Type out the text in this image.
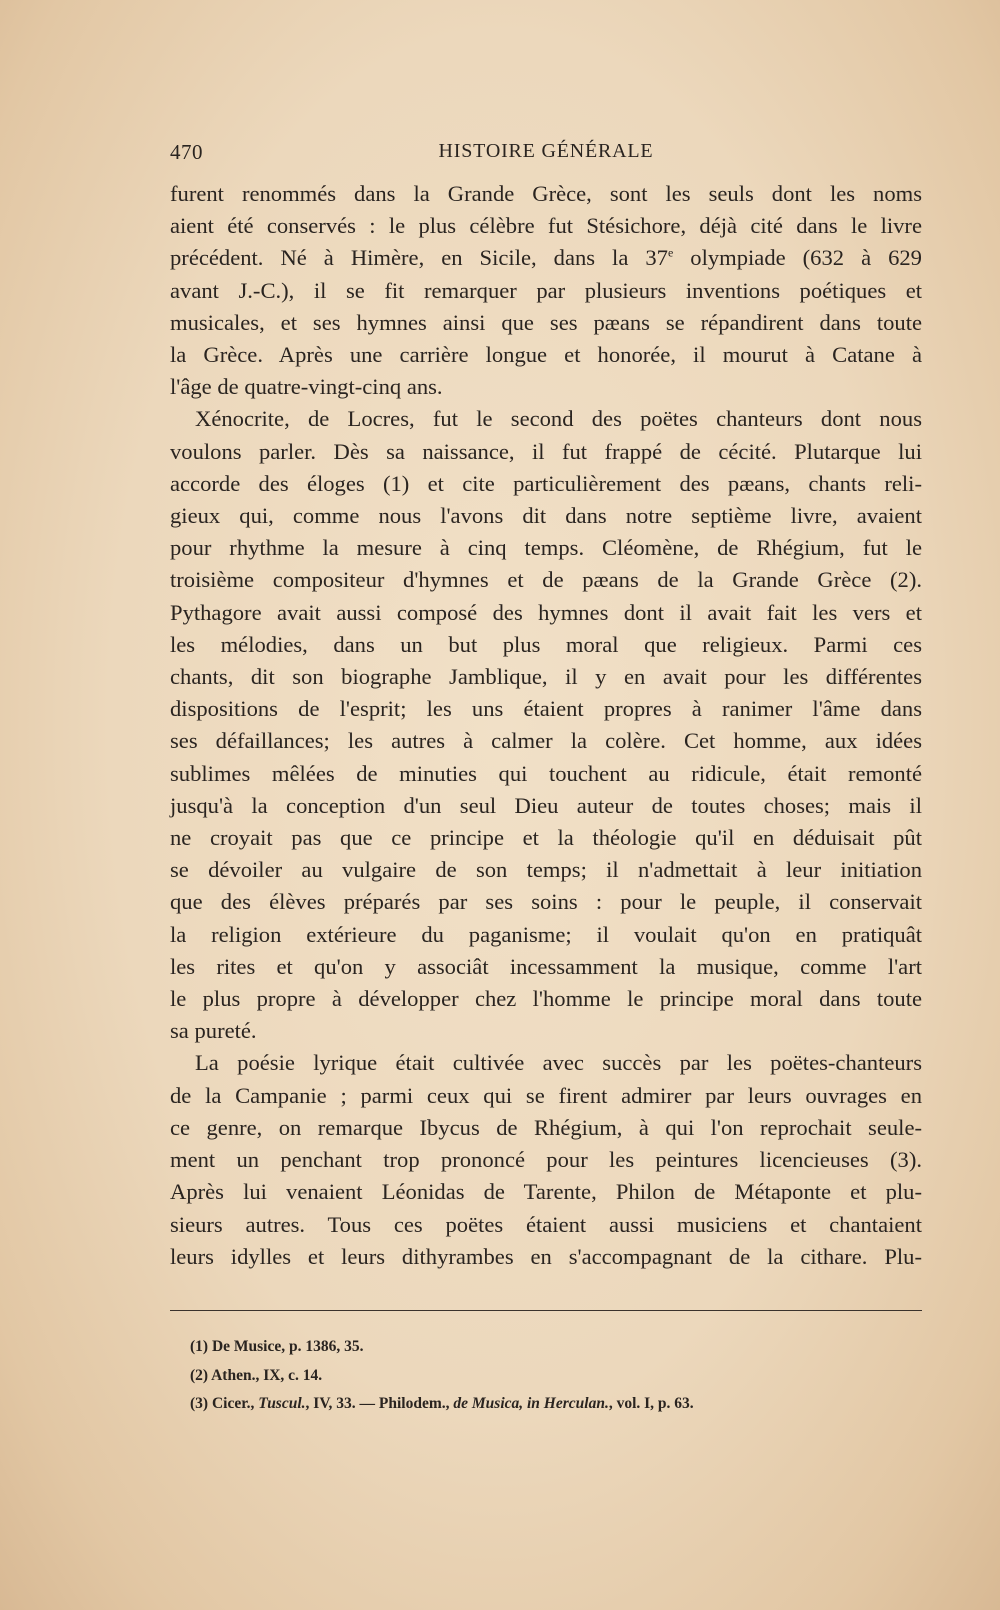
470	HISTOIRE GÉNÉRALE
furent renommés dans la Grande Grèce, sont les seuls dont les noms
aient été conservés : le plus célèbre fut Stésichore, déjà cité dans le livre
précédent. Né à Himère, en Sicile, dans la 37e olympiade (632 à 629
avant J.-C.), il se fit remarquer par plusieurs inventions poétiques et
musicales, et ses hymnes ainsi que ses pæans se répandirent dans toute
la Grèce. Après une carrière longue et honorée, il mourut à Catane à
l'âge de quatre-vingt-cinq ans.
Xénocrite, de Locres, fut le second des poëtes chanteurs dont nous
voulons parler. Dès sa naissance, il fut frappé de cécité. Plutarque lui
accorde des éloges (1) et cite particulièrement des pæans, chants reli-
gieux qui, comme nous l'avons dit dans notre septième livre, avaient
pour rhythme la mesure à cinq temps. Cléomène, de Rhégium, fut le
troisième compositeur d'hymnes et de pæans de la Grande Grèce (2).
Pythagore avait aussi composé des hymnes dont il avait fait les vers et
les mélodies, dans un but plus moral que religieux. Parmi ces
chants, dit son biographe Jamblique, il y en avait pour les différentes
dispositions de l'esprit; les uns étaient propres à ranimer l'âme dans
ses défaillances; les autres à calmer la colère. Cet homme, aux idées
sublimes mêlées de minuties qui touchent au ridicule, était remonté
jusqu'à la conception d'un seul Dieu auteur de toutes choses; mais il
ne croyait pas que ce principe et la théologie qu'il en déduisait pût
se dévoiler au vulgaire de son temps; il n'admettait à leur initiation
que des élèves préparés par ses soins : pour le peuple, il conservait
la religion extérieure du paganisme; il voulait qu'on en pratiquât
les rites et qu'on y associât incessamment la musique, comme l'art
le plus propre à développer chez l'homme le principe moral dans toute
sa pureté.
La poésie lyrique était cultivée avec succès par les poëtes-chanteurs
de la Campanie ; parmi ceux qui se firent admirer par leurs ouvrages en
ce genre, on remarque Ibycus de Rhégium, à qui l'on reprochait seule-
ment un penchant trop prononcé pour les peintures licencieuses (3).
Après lui venaient Léonidas de Tarente, Philon de Métaponte et plu-
sieurs autres. Tous ces poëtes étaient aussi musiciens et chantaient
leurs idylles et leurs dithyrambes en s'accompagnant de la cithare. Plu-
(1) De Musice, p. 1386, 35.
(2) Athen., IX, c. 14.
(3) Cicer., Tuscul., IV, 33. — Philodem., de Musica, in Herculan., vol. I, p. 63.
